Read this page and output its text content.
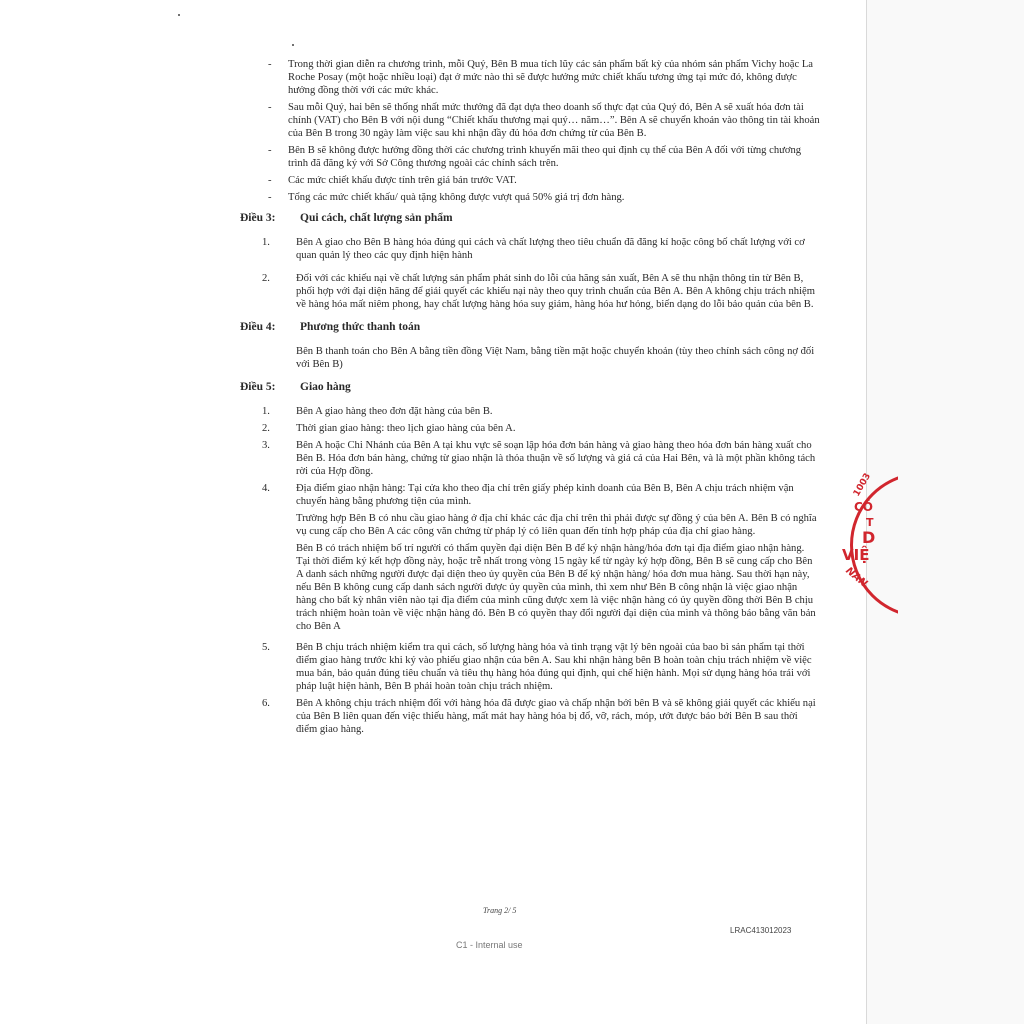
1003
CÔ
T
D
VIỆ
NAN
- Trong thời gian diễn ra chương trình, mỗi Quý, Bên B mua tích lũy các sản phẩm bất kỳ của nhóm sản phẩm Vichy hoặc La Roche Posay (một hoặc nhiều loại) đạt ở mức nào thì sẽ được hưởng mức chiết khấu tương ứng tại mức đó, không được hưởng đồng thời với các mức khác.
- Sau mỗi Quý, hai bên sẽ thống nhất mức thưởng đã đạt dựa theo doanh số thực đạt của Quý đó, Bên A sẽ xuất hóa đơn tài chính (VAT) cho Bên B với nội dung “Chiết khấu thương mại quý… năm…”. Bên A sẽ chuyển khoản vào thông tin tài khoản của Bên B trong 30 ngày làm việc sau khi nhận đầy đủ hóa đơn chứng từ của Bên B.
- Bên B sẽ không được hưởng đồng thời các chương trình khuyến mãi theo qui định cụ thể của Bên A đối với từng chương trình đã đăng ký với Sở Công thương ngoài các chính sách trên.
- Các mức chiết khấu được tính trên giá bán trước VAT.
- Tổng các mức chiết khấu/ quà tặng không được vượt quá 50% giá trị đơn hàng.
Điều 3: Qui cách, chất lượng sản phẩm
1. Bên A giao cho Bên B hàng hóa đúng qui cách và chất lượng theo tiêu chuẩn đã đăng kí hoặc công bố chất lượng với cơ quan quản lý theo các quy định hiện hành
2. Đối với các khiếu nại về chất lượng sản phẩm phát sinh do lỗi của hãng sản xuất, Bên A sẽ thu nhận thông tin từ Bên B, phối hợp với đại diện hãng để giải quyết các khiếu nại này theo quy trình chuẩn của Bên A. Bên A không chịu trách nhiệm về hàng hóa mất niêm phong, hay chất lượng hàng hóa suy giảm, hàng hóa hư hỏng, biến dạng do lỗi bảo quản của bên B.
Điều 4: Phương thức thanh toán
Bên B thanh toán cho Bên A bằng tiền đồng Việt Nam, bằng tiền mặt hoặc chuyển khoản (tùy theo chính sách công nợ đối với Bên B)
Điều 5: Giao hàng
1. Bên A giao hàng theo đơn đặt hàng của bên B.
2. Thời gian giao hàng: theo lịch giao hàng của bên A.
3. Bên A hoặc Chi Nhánh của Bên A tại khu vực sẽ soạn lập hóa đơn bán hàng và giao hàng theo hóa đơn bán hàng xuất cho Bên B. Hóa đơn bán hàng, chứng từ giao nhận là thỏa thuận về số lượng và giá cả của Hai Bên, và là một phần không tách rời của Hợp đồng.
4. Địa điểm giao nhận hàng: Tại cửa kho theo địa chỉ trên giấy phép kinh doanh của Bên B, Bên A chịu trách nhiệm vận chuyển hàng bằng phương tiện của mình.
Trường hợp Bên B có nhu cầu giao hàng ở địa chỉ khác các địa chỉ trên thì phải được sự đồng ý của bên A. Bên B có nghĩa vụ cung cấp cho Bên A các công văn chứng từ pháp lý có liên quan đến tính hợp pháp của địa chỉ giao hàng.
Bên B có trách nhiệm bố trí người có thẩm quyền đại diện Bên B để ký nhận hàng/hóa đơn tại địa điểm giao nhận hàng. Tại thời điểm ký kết hợp đồng này, hoặc trễ nhất trong vòng 15 ngày kể từ ngày ký hợp đồng, Bên B sẽ cung cấp cho Bên A danh sách những người được đại diện theo ủy quyền của Bên B để ký nhận hàng/ hóa đơn mua hàng. Sau thời hạn này, nếu Bên B không cung cấp danh sách người được ủy quyền của mình, thì xem như Bên B công nhận là việc giao nhận hàng cho bất kỳ nhân viên nào tại địa điểm của mình cũng được xem là việc nhận hàng có ủy quyền đồng thời Bên B chịu trách nhiệm hoàn toàn về việc nhận hàng đó. Bên B có quyền thay đổi người đại diện của mình và thông báo bằng văn bản cho Bên A
5. Bên B chịu trách nhiệm kiểm tra qui cách, số lượng hàng hóa và tình trạng vật lý bên ngoài của bao bì sản phẩm tại thời điểm giao hàng trước khi ký vào phiếu giao nhận của bên A. Sau khi nhận hàng bên B hoàn toàn chịu trách nhiệm về việc mua bán, bảo quản đúng tiêu chuẩn và tiêu thụ hàng hóa đúng qui định, qui chế hiện hành. Mọi sử dụng hàng hóa trái với pháp luật hiện hành, Bên B phải hoàn toàn chịu trách nhiệm.
6. Bên A không chịu trách nhiệm đối với hàng hóa đã được giao và chấp nhận bởi bên B và sẽ không giải quyết các khiếu nại của Bên B liên quan đến việc thiếu hàng, mất mát hay hàng hóa bị đổ, vỡ, rách, móp, ướt được báo bởi Bên B sau thời điểm giao hàng.
Trang 2/ 5
LRAC413012023
C1 - Internal use
